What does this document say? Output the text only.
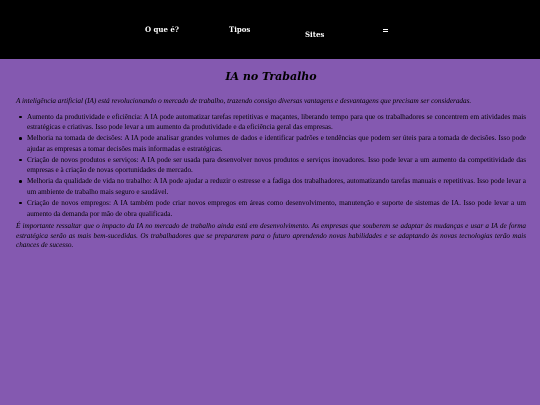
O que é?	Tipos
Sites
IA no Trabalho

A inteligência artificial (IA) está revolucionando o mercado de trabalho, trazendo consigo diversas vantagens e desvantagens que precisam ser consideradas.

Aumento da produtividade e eficiência: A IA pode automatizar tarefas repetitivas e maçantes, liberando tempo para que os trabalhadores se concentrem em atividades mais estratégicas e criativas. Isso pode levar a um aumento da produtividade e da eficiência geral das empresas.
Melhoria na tomada de decisões: A IA pode analisar grandes volumes de dados e identificar padrões e tendências que podem ser úteis para a tomada de decisões. Isso pode ajudar as empresas a tomar decisões mais informadas e estratégicas.
Criação de novos produtos e serviços: A IA pode ser usada para desenvolver novos produtos e serviços inovadores. Isso pode levar a um aumento da competitividade das empresas e à criação de novas oportunidades de mercado.
Melhoria da qualidade de vida no trabalho: A IA pode ajudar a reduzir o estresse e a fadiga dos trabalhadores, automatizando tarefas manuais e repetitivas. Isso pode levar a um ambiente de trabalho mais seguro e saudável.
Criação de novos empregos: A IA também pode criar novos empregos em áreas como desenvolvimento, manutenção e suporte de sistemas de IA. Isso pode levar a um aumento da demanda por mão de obra qualificada.

É importante ressaltar que o impacto da IA no mercado de trabalho ainda está em desenvolvimento. As empresas que souberem se adaptar às mudanças e usar a IA de forma estratégica serão as mais bem-sucedidas. Os trabalhadores que se prepararem para o futuro aprendendo novas habilidades e se adaptando às novas tecnologias terão mais chances de sucesso.
